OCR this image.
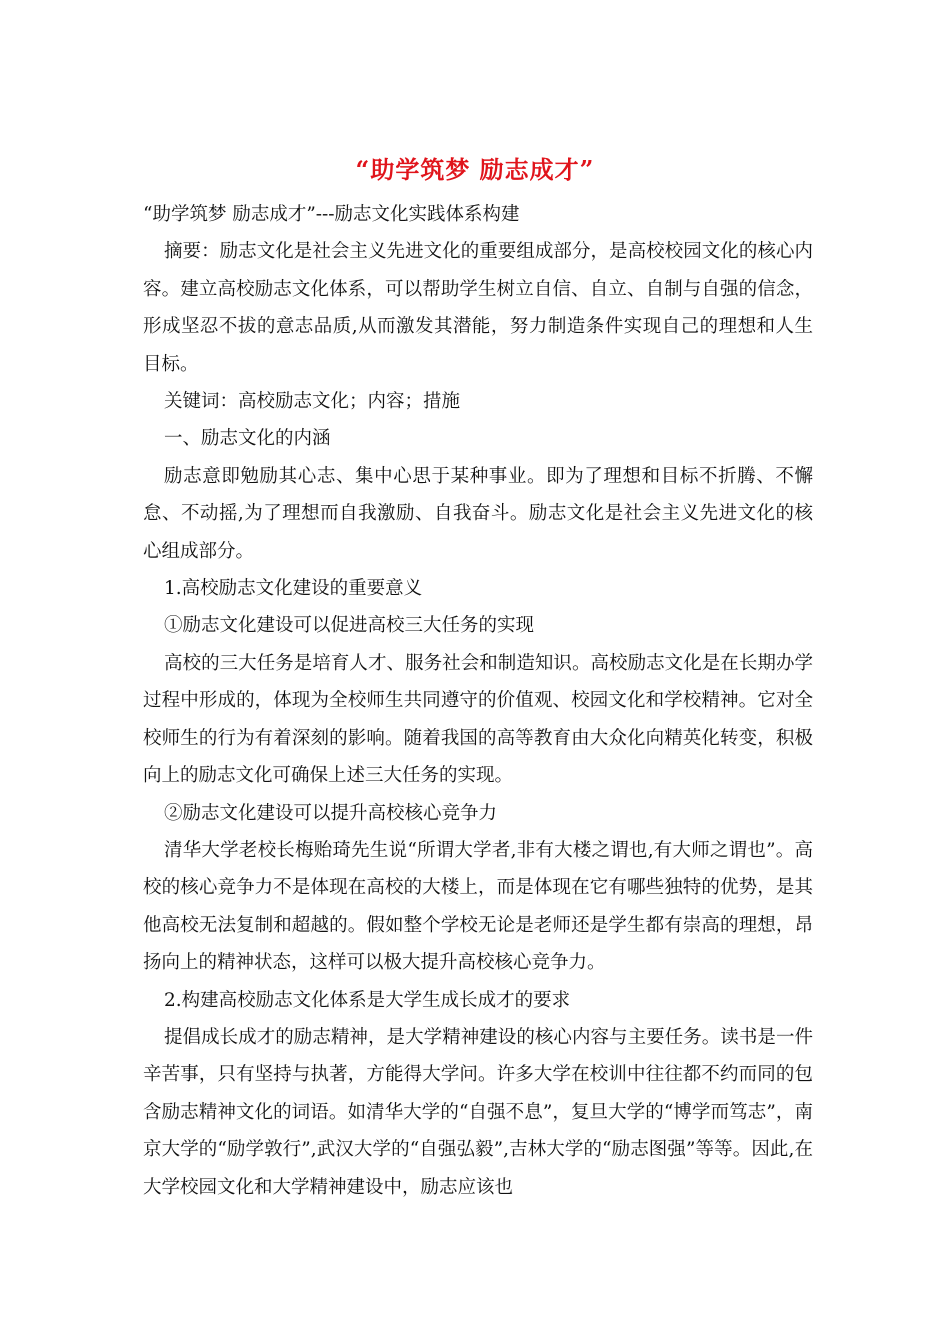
“助学筑梦 励志成才”

“助学筑梦 励志成才”---励志文化实践体系构建

摘要：励志文化是社会主义先进文化的重要组成部分，是高校校园文化的核心内容。建立高校励志文化体系，可以帮助学生树立自信、自立、自制与自强的信念，形成坚忍不拔的意志品质,从而激发其潜能，努力制造条件实现自己的理想和人生目标。

关键词：高校励志文化；内容；措施

一、励志文化的内涵

励志意即勉励其心志、集中心思于某种事业。即为了理想和目标不折腾、不懈怠、不动摇,为了理想而自我激励、自我奋斗。励志文化是社会主义先进文化的核心组成部分。

1.高校励志文化建设的重要意义

①励志文化建设可以促进高校三大任务的实现

高校的三大任务是培育人才、服务社会和制造知识。高校励志文化是在长期办学过程中形成的，体现为全校师生共同遵守的价值观、校园文化和学校精神。它对全校师生的行为有着深刻的影响。随着我国的高等教育由大众化向精英化转变，积极向上的励志文化可确保上述三大任务的实现。

②励志文化建设可以提升高校核心竞争力

清华大学老校长梅贻琦先生说“所谓大学者,非有大楼之谓也,有大师之谓也”。高校的核心竞争力不是体现在高校的大楼上，而是体现在它有哪些独特的优势，是其他高校无法复制和超越的。假如整个学校无论是老师还是学生都有崇高的理想，昂扬向上的精神状态，这样可以极大提升高校核心竞争力。

2.构建高校励志文化体系是大学生成长成才的要求

提倡成长成才的励志精神，是大学精神建设的核心内容与主要任务。读书是一件辛苦事，只有坚持与执著，方能得大学问。许多大学在校训中往往都不约而同的包含励志精神文化的词语。如清华大学的“自强不息”，复旦大学的“博学而笃志”，南京大学的“励学敦行”,武汉大学的“自强弘毅”,吉林大学的“励志图强”等等。因此,在大学校园文化和大学精神建设中，励志应该也
